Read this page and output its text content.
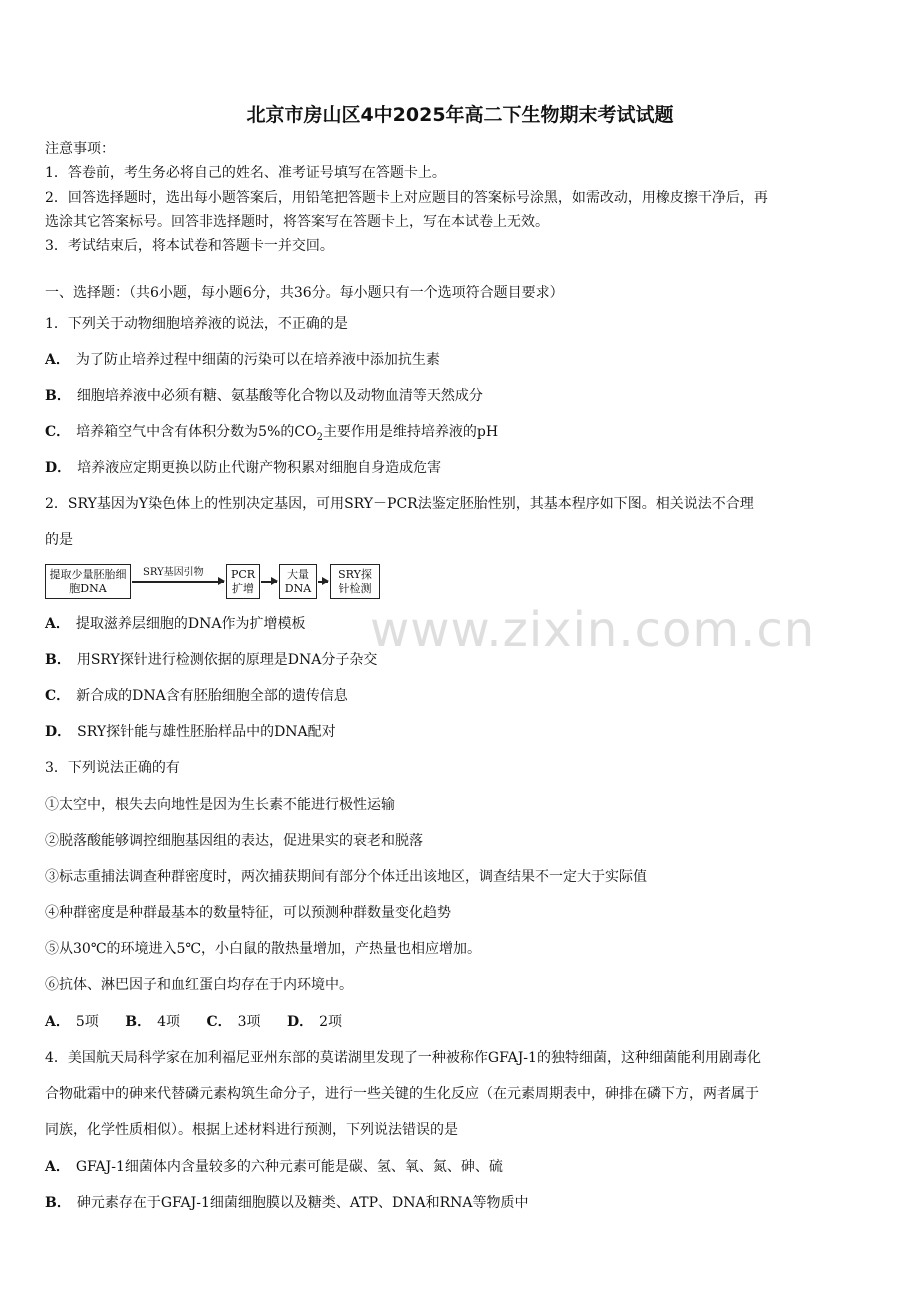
www.zixin.com.cn
北京市房山区4中2025年高二下生物期末考试试题
注意事项：
1．答卷前，考生务必将自己的姓名、准考证号填写在答题卡上。
2．回答选择题时，选出每小题答案后，用铅笔把答题卡上对应题目的答案标号涂黑，如需改动，用橡皮擦干净后，再
选涂其它答案标号。回答非选择题时，将答案写在答题卡上，写在本试卷上无效。
3．考试结束后，将本试卷和答题卡一并交回。
一、选择题：（共6小题，每小题6分，共36分。每小题只有一个选项符合题目要求）
1．下列关于动物细胞培养液的说法，不正确的是
A． 为了防止培养过程中细菌的污染可以在培养液中添加抗生素
B． 细胞培养液中必须有糖、氨基酸等化合物以及动物血清等天然成分
C． 培养箱空气中含有体积分数为5%的$CO_2$主要作用是维持培养液的pH
D． 培养液应定期更换以防止代谢产物积累对细胞自身造成危害
2．SRY基因为Y染色体上的性别决定基因，可用SRY－PCR法鉴定胚胎性别，其基本程序如下图。相关说法不合理
的是
提取少量胚胎细胞DNA
SRY基因引物	PCR扩增
大量DNA
SRY探针检测
A． 提取滋养层细胞的DNA作为扩增模板
B． 用SRY探针进行检测依据的原理是DNA分子杂交
C． 新合成的DNA含有胚胎细胞全部的遗传信息
D． SRY探针能与雄性胚胎样品中的DNA配对
3．下列说法正确的有
①太空中，根失去向地性是因为生长素不能进行极性运输
②脱落酸能够调控细胞基因组的表达，促进果实的衰老和脱落
③标志重捕法调查种群密度时，两次捕获期间有部分个体迁出该地区，调查结果不一定大于实际值
④种群密度是种群最基本的数量特征，可以预测种群数量变化趋势
⑤从30℃的环境进入5℃，小白鼠的散热量增加，产热量也相应增加。
⑥抗体、淋巴因子和血红蛋白均存在于内环境中。
A． 5项 B． 4项 C． 3项 D． 2项
4．美国航天局科学家在加利福尼亚州东部的莫诺湖里发现了一种被称作GFAJ-1的独特细菌，这种细菌能利用剧毒化
合物砒霜中的砷来代替磷元素构筑生命分子，进行一些关键的生化反应（在元素周期表中，砷排在磷下方，两者属于
同族，化学性质相似）。根据上述材料进行预测，下列说法错误的是
A． GFAJ-1细菌体内含量较多的六种元素可能是碳、氢、氧、氮、砷、硫
B． 砷元素存在于GFAJ-1细菌细胞膜以及糖类、ATP、DNA和RNA等物质中
